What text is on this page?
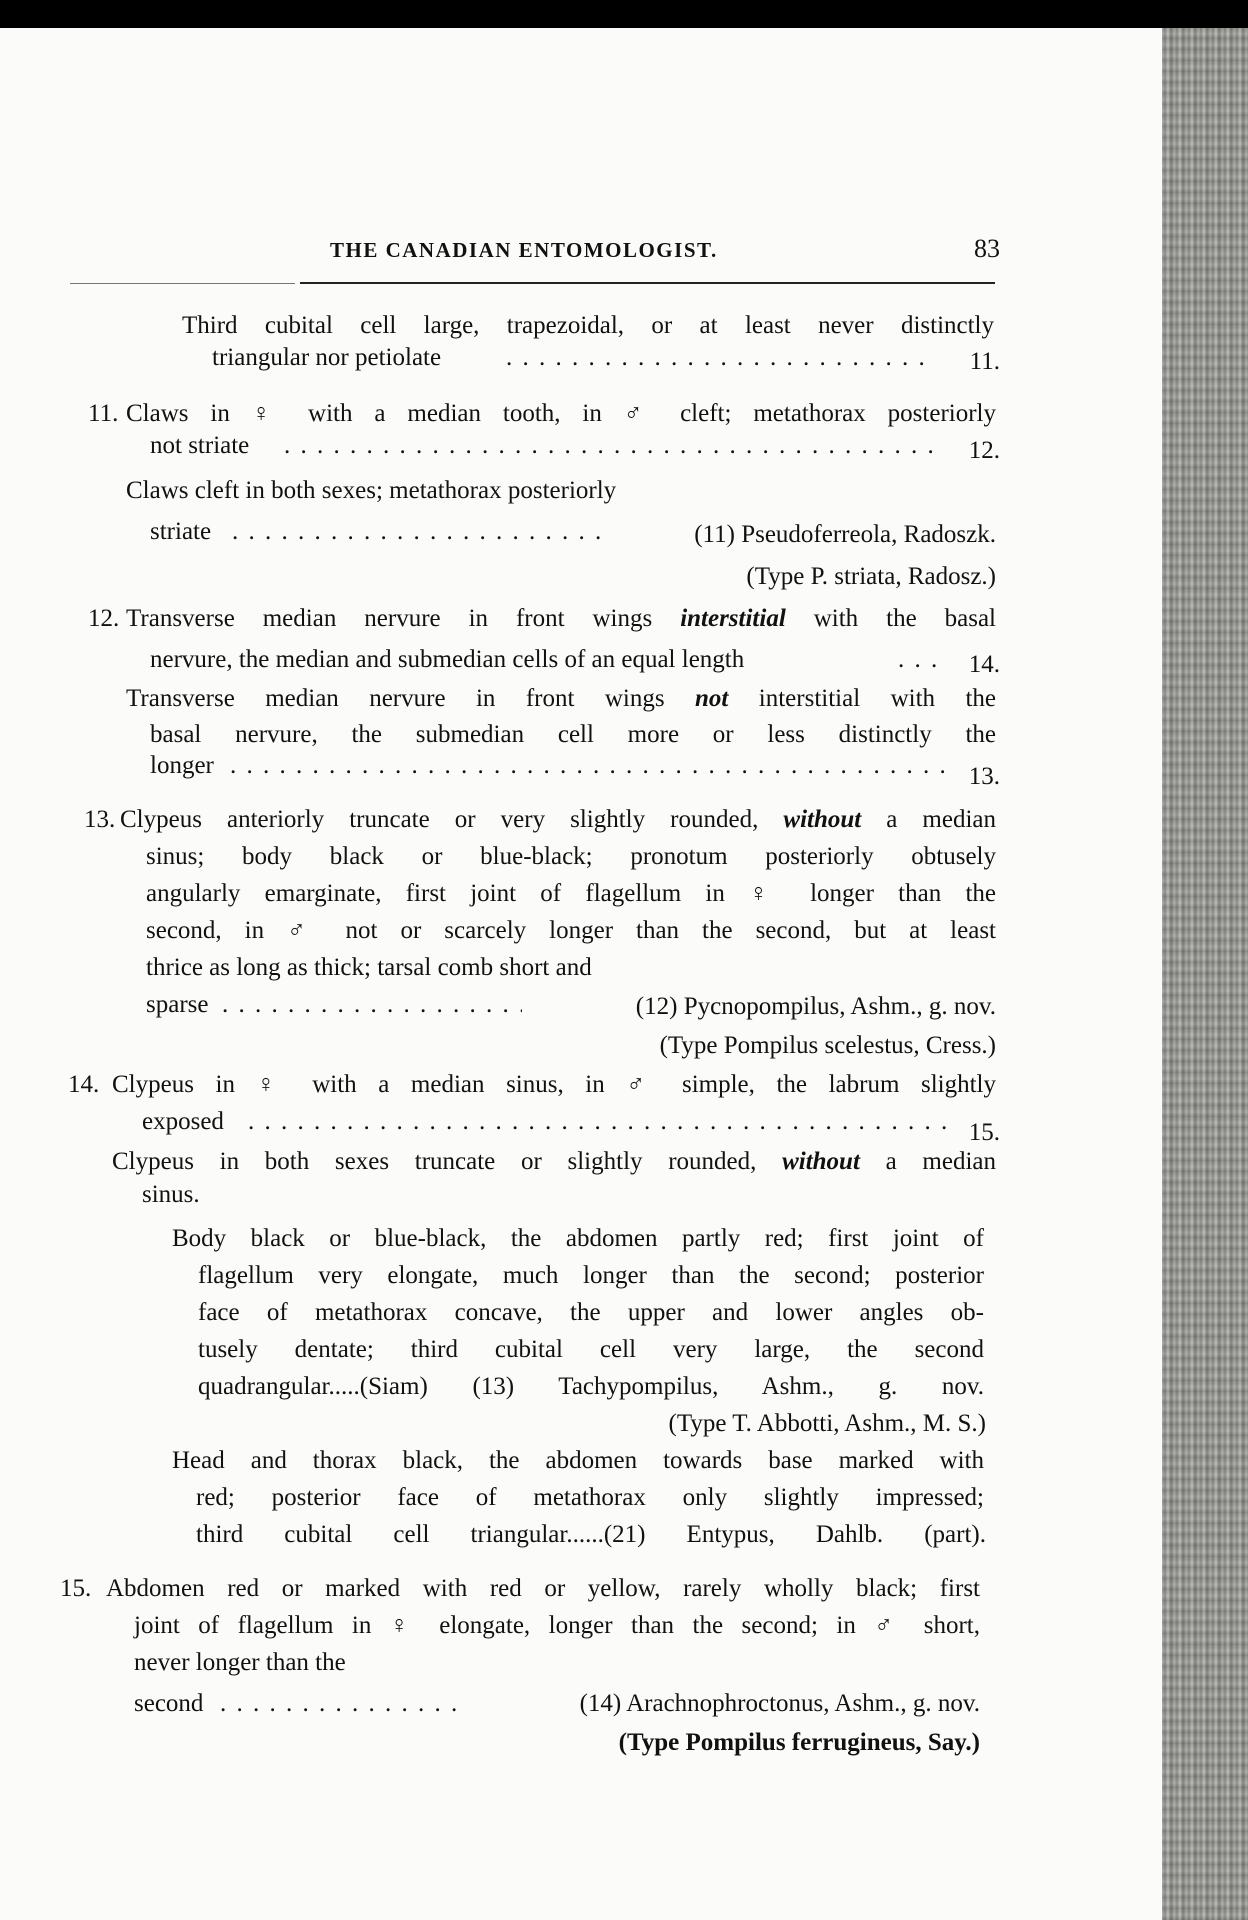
THE CANADIAN ENTOMOLOGIST.	83
Third cubital cell large, trapezoidal, or at least never distinctly
triangular nor petiolate . . .	11.
11. Claws in ♀ with a median tooth, in ♂ cleft; metathorax posteriorly
not striate . . .	12.
Claws cleft in both sexes; metathorax posteriorly
striate . . .	(11) Pseudoferreola, Radoszk.
(Type P. striata, Radosz.)
12. Transverse median nervure in front wings interstitial with the basal
nervure, the median and submedian cells of an equal length . . .	14.
Transverse median nervure in front wings not interstitial with the
basal nervure, the submedian cell more or less distinctly the
longer . . .	13.
13. Clypeus anteriorly truncate or very slightly rounded, without a median
sinus; body black or blue-black; pronotum posteriorly obtusely
angularly emarginate, first joint of flagellum in ♀ longer than the
second, in ♂ not or scarcely longer than the second, but at least
thrice as long as thick; tarsal comb short and
sparse . . .	(12) Pycnopompilus, Ashm., g. nov.
(Type Pompilus scelestus, Cress.)
14. Clypeus in ♀ with a median sinus, in ♂ simple, the labrum slightly
exposed . . .	15.
Clypeus in both sexes truncate or slightly rounded, without a median
sinus.
Body black or blue-black, the abdomen partly red; first joint of
flagellum very elongate, much longer than the second; posterior
face of metathorax concave, the upper and lower angles ob-
tusely dentate; third cubital cell very large, the second
quadrangular.....(Siam) (13) Tachypompilus, Ashm., g. nov.
(Type T. Abbotti, Ashm., M. S.)
Head and thorax black, the abdomen towards base marked with
red; posterior face of metathorax only slightly impressed;
third cubital cell triangular......(21) Entypus, Dahlb. (part).
15. Abdomen red or marked with red or yellow, rarely wholly black; first
joint of flagellum in ♀ elongate, longer than the second; in ♂ short,
never longer than the
second . . .	(14) Arachnophroctonus, Ashm., g. nov.
(Type Pompilus ferrugineus, Say.)
